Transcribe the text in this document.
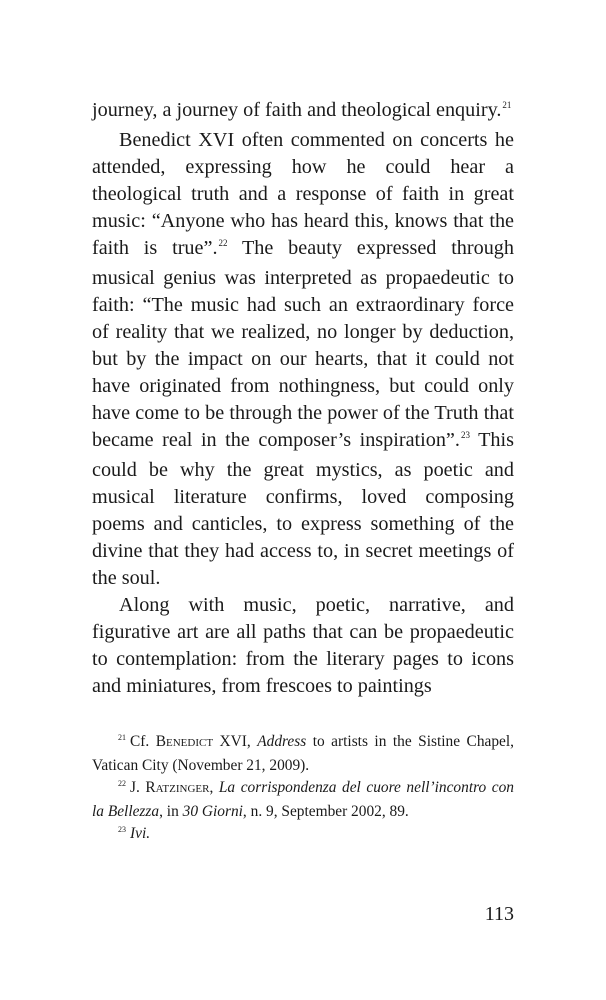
journey, a journey of faith and theological enquiry.$^{21}$

Benedict XVI often commented on concerts he attended, expressing how he could hear a theological truth and a response of faith in great music: “Anyone who has heard this, knows that the faith is true”.$^{22}$ The beauty expressed through musical genius was interpreted as propaedeutic to faith: “The music had such an extraordinary force of reality that we realized, no longer by deduction, but by the impact on our hearts, that it could not have originated from nothingness, but could only have come to be through the power of the Truth that became real in the composer’s inspiration”.$^{23}$ This could be why the great mystics, as poetic and musical literature confirms, loved composing poems and canticles, to express something of the divine that they had access to, in secret meetings of the soul.

Along with music, poetic, narrative, and figurative art are all paths that can be propaedeutic to contemplation: from the literary pages to icons and miniatures, from frescoes to paintings

$^{21}$ Cf. Benedict XVI, Address to artists in the Sistine Chapel, Vatican City (November 21, 2009).

$^{22}$ J. Ratzinger, La corrispondenza del cuore nell’incontro con la Bellezza, in 30 Giorni, n. 9, September 2002, 89.

$^{23}$ Ivi.

113
